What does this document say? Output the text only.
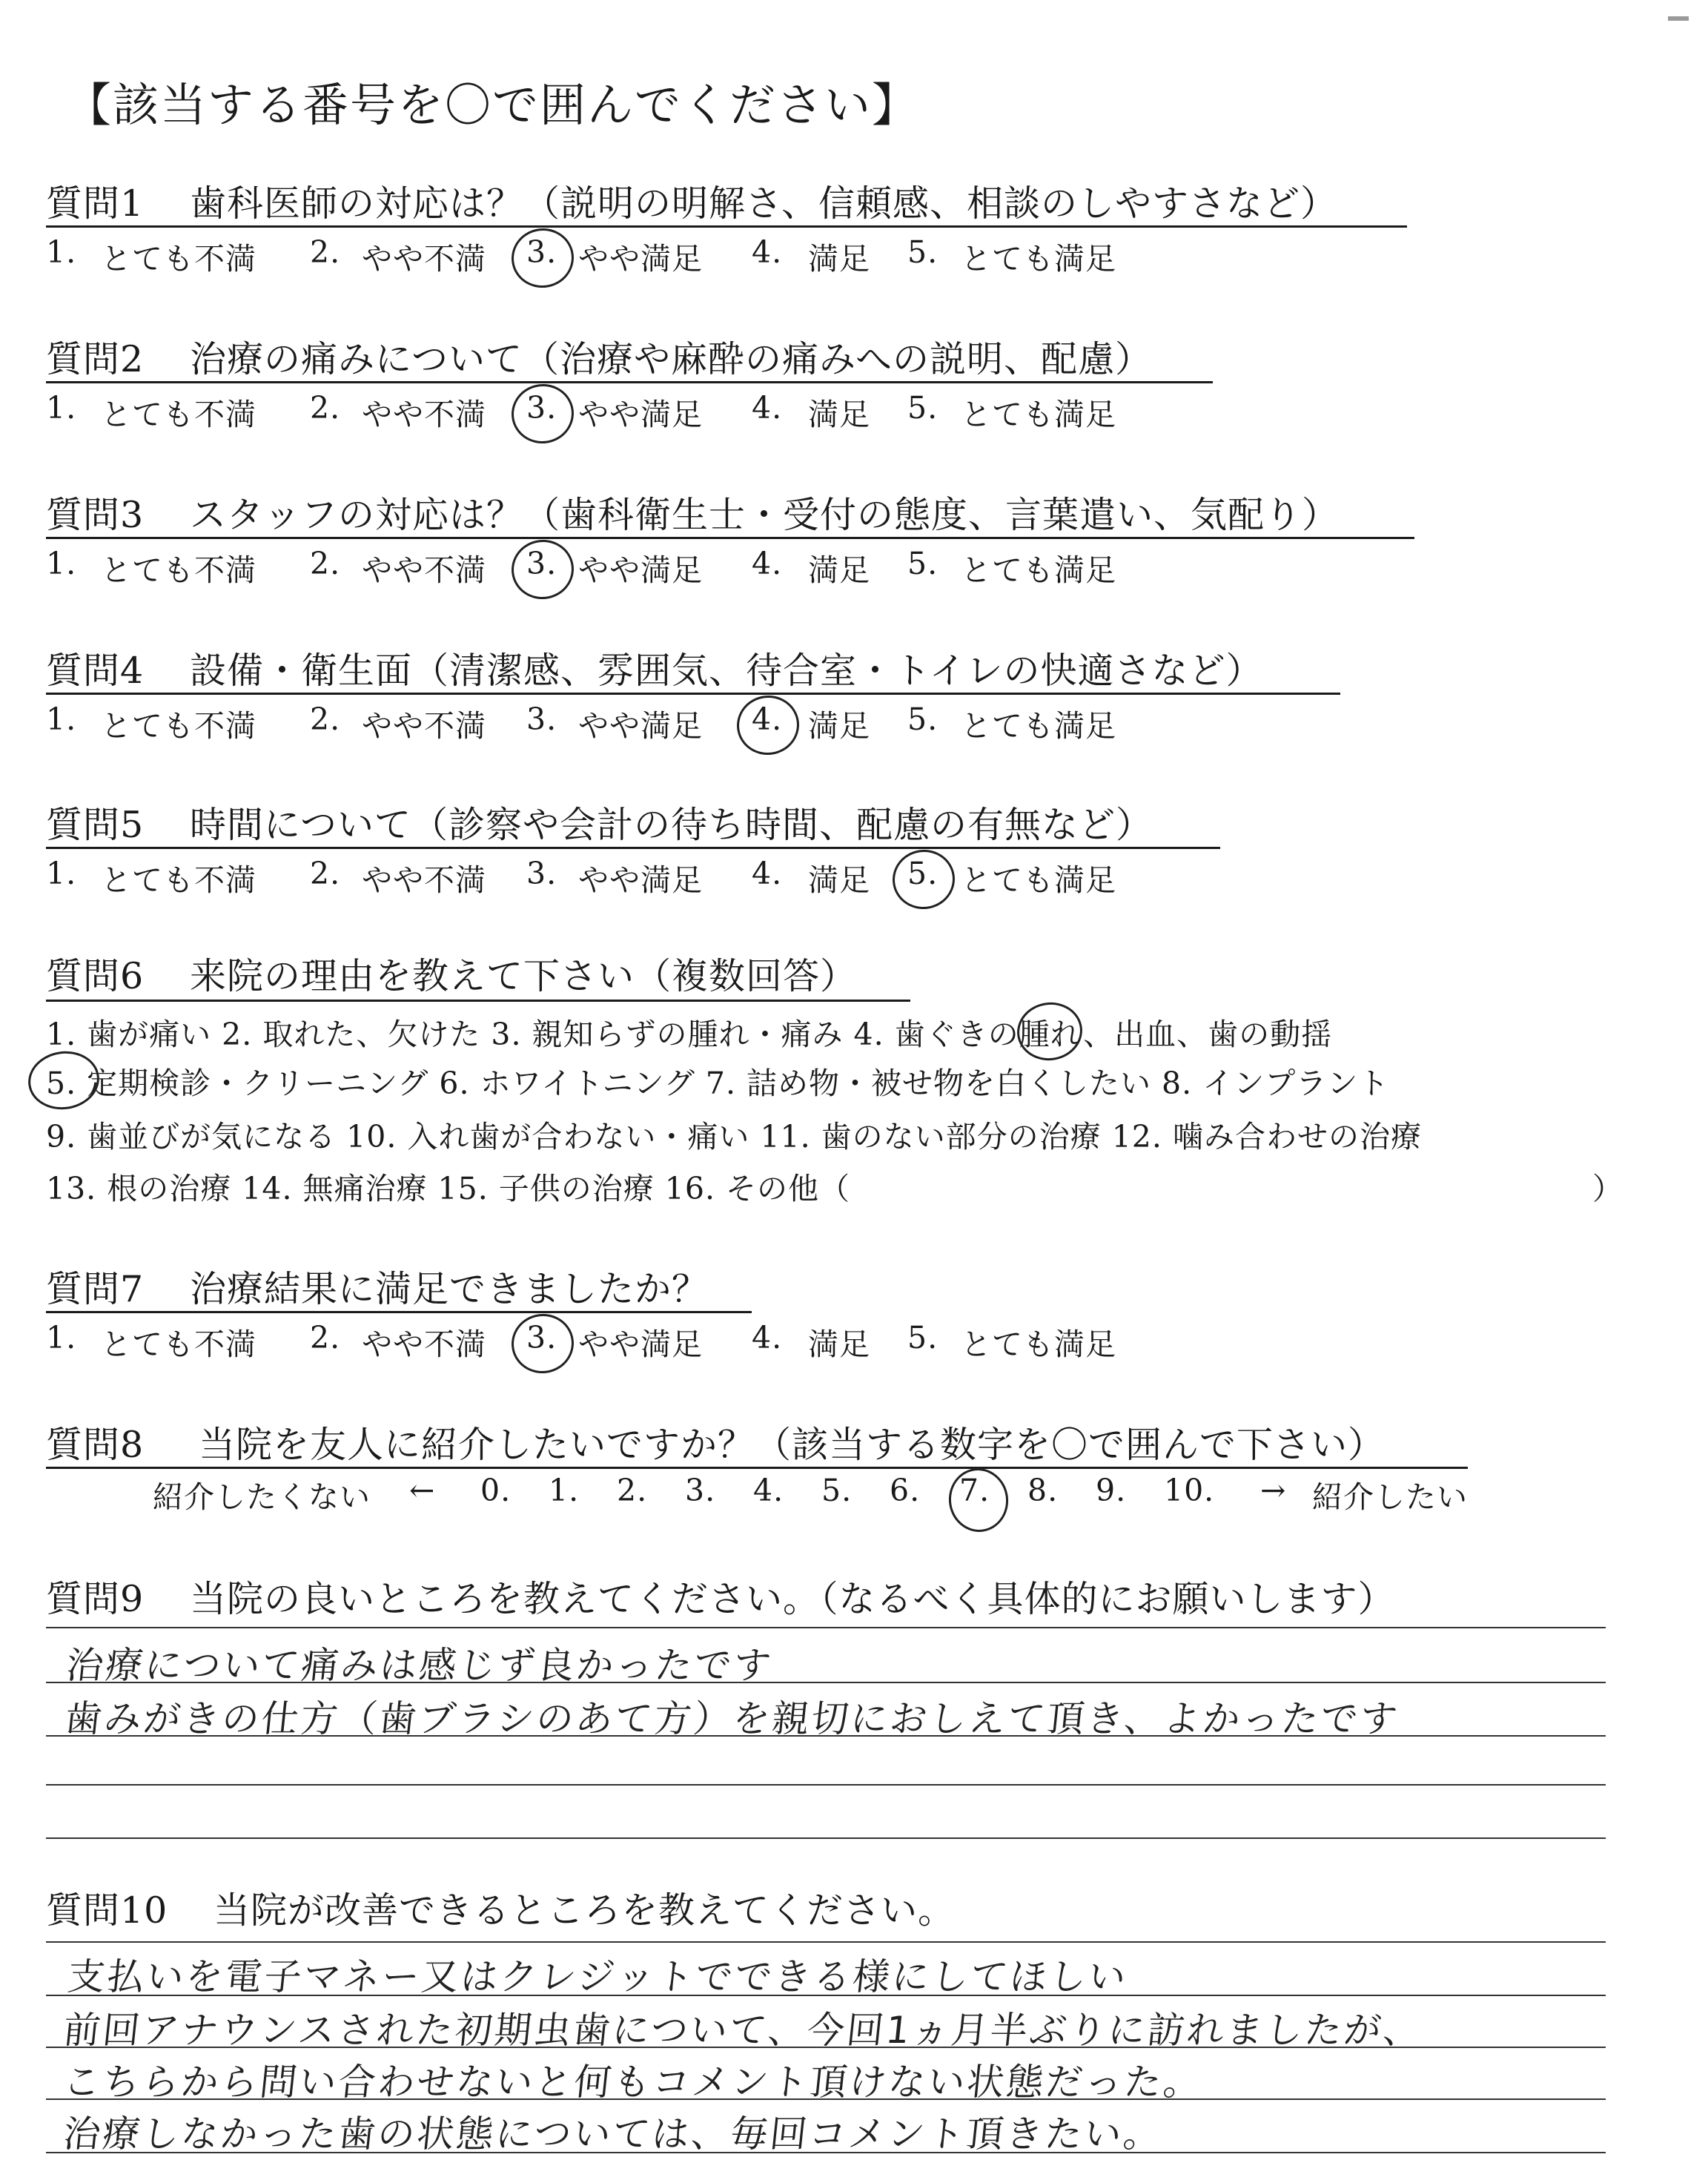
【該当する番号を〇で囲んでください】
質問1 歯科医師の対応は？（説明の明解さ、信頼感、相談のしやすさなど）
1. とても不満 2. やや不満 3. やや満足 4. 満足 5. とても満足
質問2 治療の痛みについて（治療や麻酔の痛みへの説明、配慮）
1. とても不満 2. やや不満 3. やや満足 4. 満足 5. とても満足
質問3 スタッフの対応は？（歯科衛生士・受付の態度、言葉遣い、気配り）
1. とても不満 2. やや不満 3. やや満足 4. 満足 5. とても満足
質問4 設備・衛生面（清潔感、雰囲気、待合室・トイレの快適さなど）
1. とても不満 2. やや不満 3. やや満足 4. 満足 5. とても満足
質問5 時間について（診察や会計の待ち時間、配慮の有無など）
1. とても不満 2. やや不満 3. やや満足 4. 満足 5. とても満足
質問6 来院の理由を教えて下さい（複数回答）
1. 歯が痛い 2. 取れた、欠けた 3. 親知らずの腫れ・痛み 4. 歯ぐきの腫れ、出血、歯の動揺
5. 定期検診・クリーニング 6. ホワイトニング 7. 詰め物・被せ物を白くしたい 8. インプラント
9. 歯並びが気になる 10. 入れ歯が合わない・痛い 11. 歯のない部分の治療 12. 噛み合わせの治療
13. 根の治療 14. 無痛治療 15. 子供の治療 16. その他（	）
質問7 治療結果に満足できましたか？
1. とても不満 2. やや不満 3. やや満足 4. 満足 5. とても満足
質問8 当院を友人に紹介したいですか？（該当する数字を〇で囲んで下さい）
紹介したくない ← 0. 1. 2. 3. 4. 5. 6. 7. 8. 9. 10. → 紹介したい
質問9 当院の良いところを教えてください。（なるべく具体的にお願いします）
治療について痛みは感じず良かったです
歯みがきの仕方（歯ブラシのあて方）を親切におしえて頂き、よかったです
質問10 当院が改善できるところを教えてください。
支払いを電子マネー又はクレジットでできる様にしてほしい
前回アナウンスされた初期虫歯について、今回1ヵ月半ぶりに訪れましたが、
こちらから問い合わせないと何もコメント頂けない状態だった。
治療しなかった歯の状態については、毎回コメント頂きたい。
